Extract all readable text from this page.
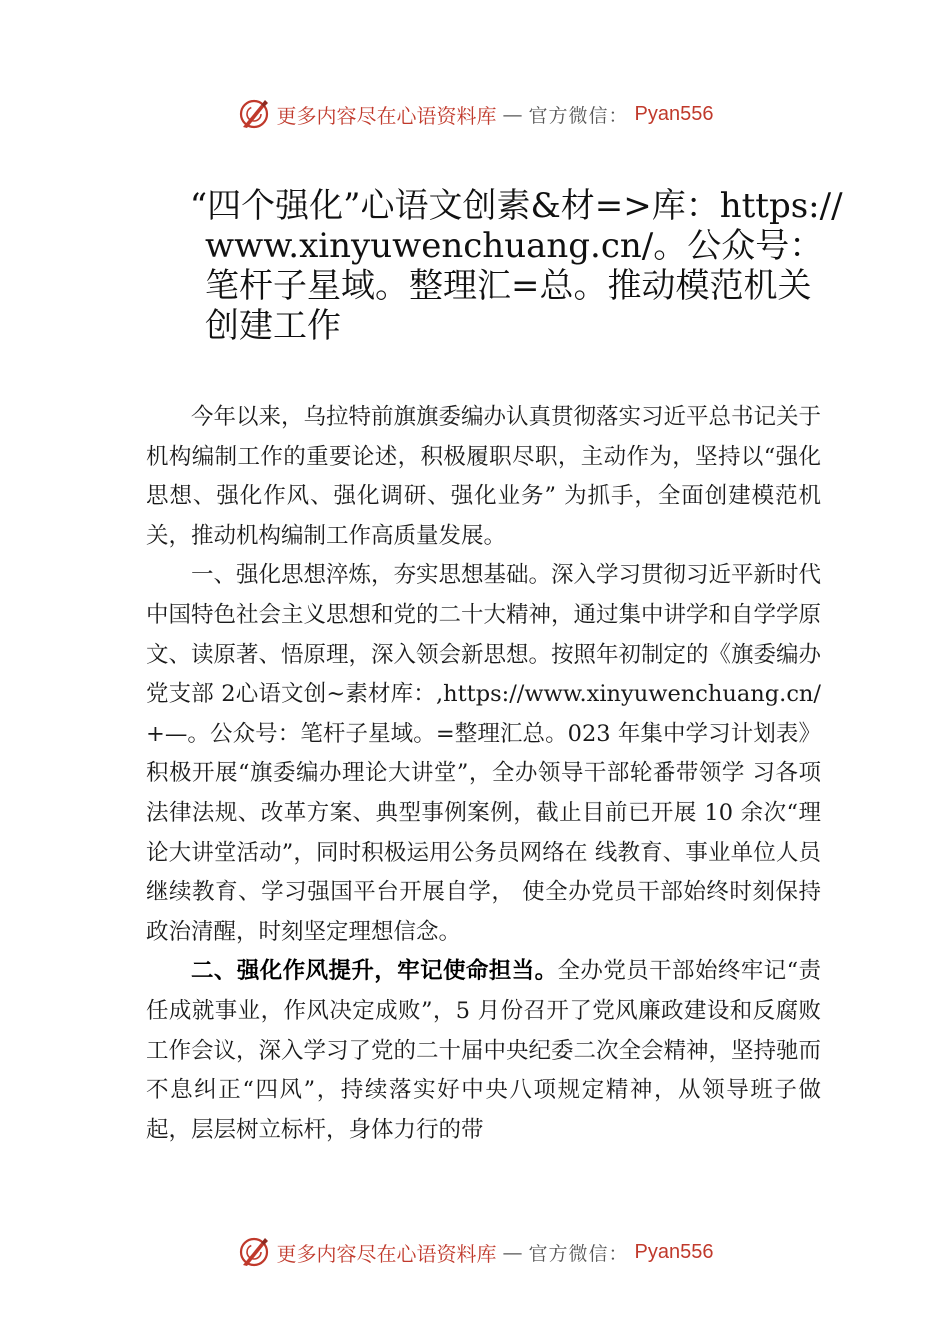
更多内容尽在心语资料库 — 官方微信： Pyan556
“四个强化”心语文创素&材=>库：https://www.xinyuwenchuang.cn/。公众号：笔杆子星域。整理汇=总。推动模范机关创建工作

今年以来，乌拉特前旗旗委编办认真贯彻落实习近平总书记关于机构编制工作的重要论述，积极履职尽职，主动作为，坚持以“强化思想、强化作风、强化调研、强化业务” 为抓手，全面创建模范机关，推动机构编制工作高质量发展。

一、强化思想淬炼，夯实思想基础。深入学习贯彻习近平新时代中国特色社会主义思想和党的二十大精神，通过集中讲学和自学学原文、读原著、悟原理，深入领会新思想。按照年初制定的《旗委编办党支部 2心语文创~素材库：,https://www.xinyuwenchuang.cn/+—。公众号：笔杆子星域。=整理汇总。023 年集中学习计划表》积极开展“旗委编办理论大讲堂”，全办领导干部轮番带领学 习各项法律法规、改革方案、典型事例案例，截止目前已开展 10 余次“理论大讲堂活动”，同时积极运用公务员网络在 线教育、事业单位人员继续教育、学习强国平台开展自学， 使全办党员干部始终时刻保持政治清醒，时刻坚定理想信念。

二、强化作风提升，牢记使命担当。全办党员干部始终牢记“责任成就事业，作风决定成败”，5 月份召开了党风廉政建设和反腐败工作会议，深入学习了党的二十届中央纪委二次全会精神，坚持驰而不息纠正“四风”，持续落实好中央八项规定精神，从领导班子做起，层层树立标杆，身体力行的带

更多内容尽在心语资料库 — 官方微信： Pyan556
